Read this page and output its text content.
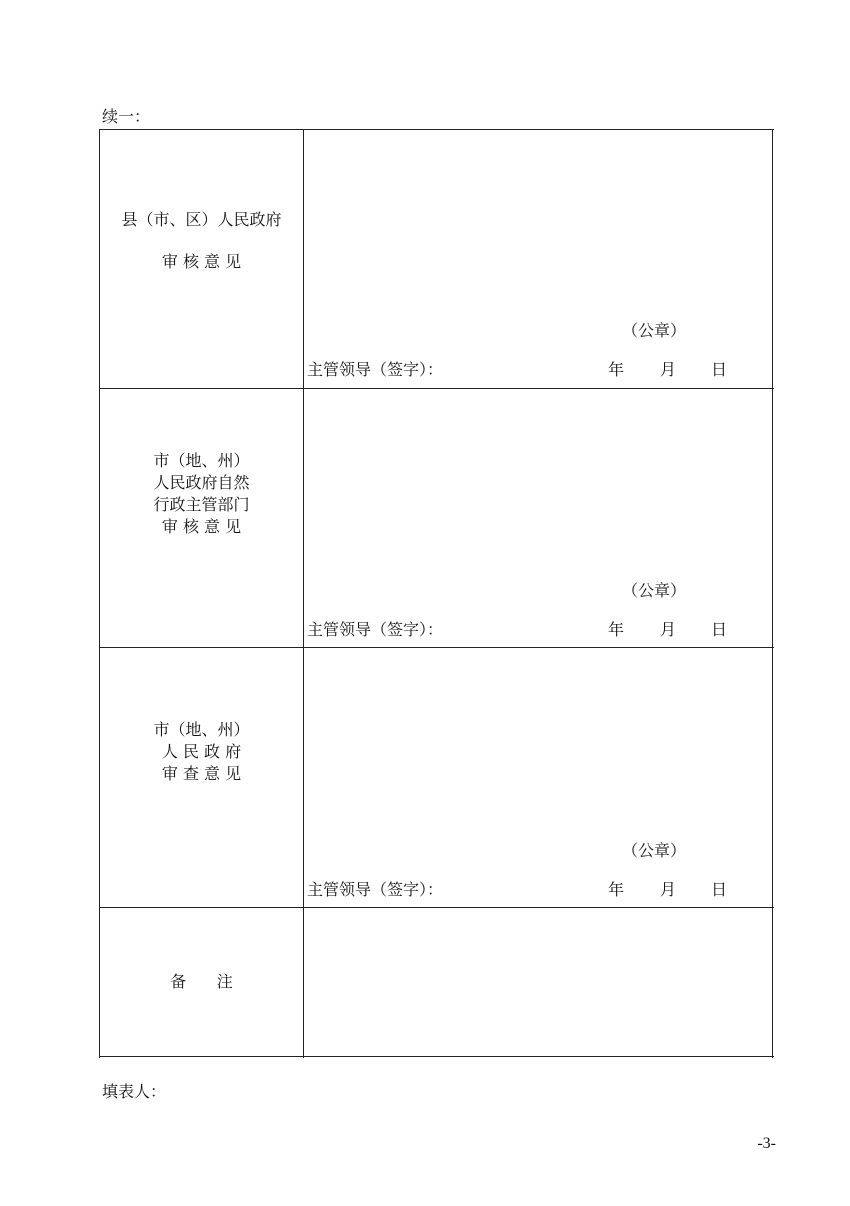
续一：
县（市、区）人民政府
审 核 意 见
（公章）
主管领导（签字）：	年 月 日
市（地、州）
人民政府自然
行政主管部门
审 核 意 见
（公章）
主管领导（签字）：	年 月 日
市（地、州）
人 民 政 府
审 查 意 见
（公章）
主管领导（签字）：	年 月 日
备      注
填表人：
-3-
